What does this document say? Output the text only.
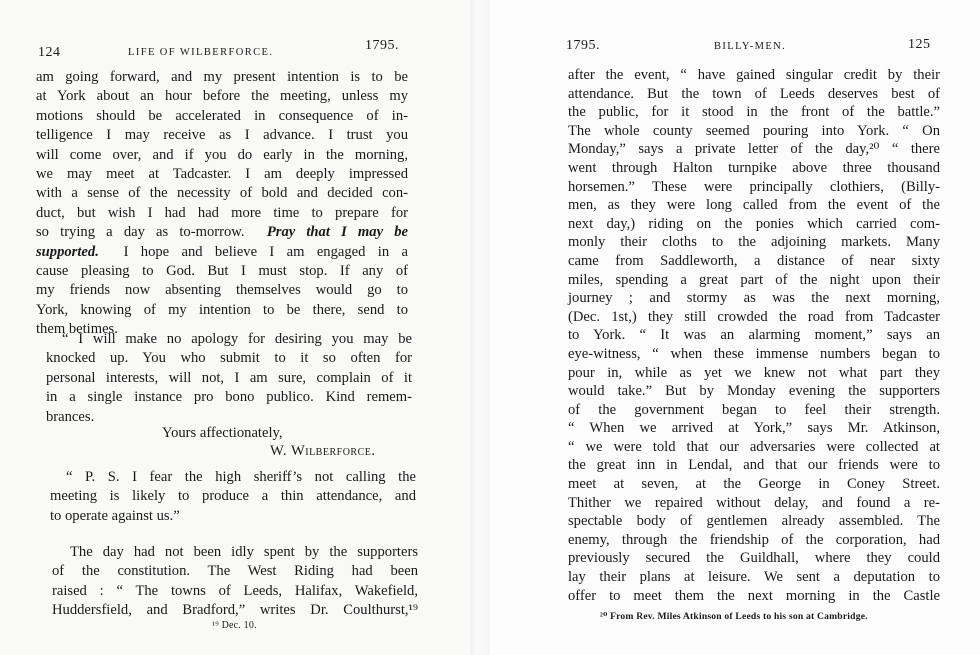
124	LIFE OF WILBERFORCE.	1795.
am going forward, and my present intention is to be
at York about an hour before the meeting, unless my
motions should be accelerated in consequence of in-
telligence I may receive as I advance. I trust you
will come over, and if you do early in the morning,
we may meet at Tadcaster. I am deeply impressed
with a sense of the necessity of bold and decided con-
duct, but wish I had had more time to prepare for
so trying a day as to-morrow. Pray that I may be
supported. I hope and believe I am engaged in a
cause pleasing to God. But I must stop. If any of
my friends now absenting themselves would go to
York, knowing of my intention to be there, send to
them betimes.
“ I will make no apology for desiring you may be
knocked up. You who submit to it so often for
personal interests, will not, I am sure, complain of it
in a single instance pro bono publico. Kind remem-
brances.
Yours affectionately,
W. Wilberforce.
“ P. S. I fear the high sheriff’s not calling the
meeting is likely to produce a thin attendance, and
to operate against us.”
The day had not been idly spent by the supporters
of the constitution. The West Riding had been
raised : “ The towns of Leeds, Halifax, Wakefield,
Huddersfield, and Bradford,” writes Dr. Coulthurst,¹⁹
¹⁹ Dec. 10.
1795.	BILLY-MEN.	125
after the event, “ have gained singular credit by their
attendance. But the town of Leeds deserves best of
the public, for it stood in the front of the battle.”
The whole county seemed pouring into York. “ On
Monday,” says a private letter of the day,²⁰ “ there
went through Halton turnpike above three thousand
horsemen.” These were principally clothiers, (Billy-
men, as they were long called from the event of the
next day,) riding on the ponies which carried com-
monly their cloths to the adjoining markets. Many
came from Saddleworth, a distance of near sixty
miles, spending a great part of the night upon their
journey ; and stormy as was the next morning,
(Dec. 1st,) they still crowded the road from Tadcaster
to York. “ It was an alarming moment,” says an
eye-witness, “ when these immense numbers began to
pour in, while as yet we knew not what part they
would take.” But by Monday evening the supporters
of the government began to feel their strength.
“ When we arrived at York,” says Mr. Atkinson,
“ we were told that our adversaries were collected at
the great inn in Lendal, and that our friends were to
meet at seven, at the George in Coney Street.
Thither we repaired without delay, and found a re-
spectable body of gentlemen already assembled. The
enemy, through the friendship of the corporation, had
previously secured the Guildhall, where they could
lay their plans at leisure. We sent a deputation to
offer to meet them the next morning in the Castle
²⁰ From Rev. Miles Atkinson of Leeds to his son at Cambridge.
